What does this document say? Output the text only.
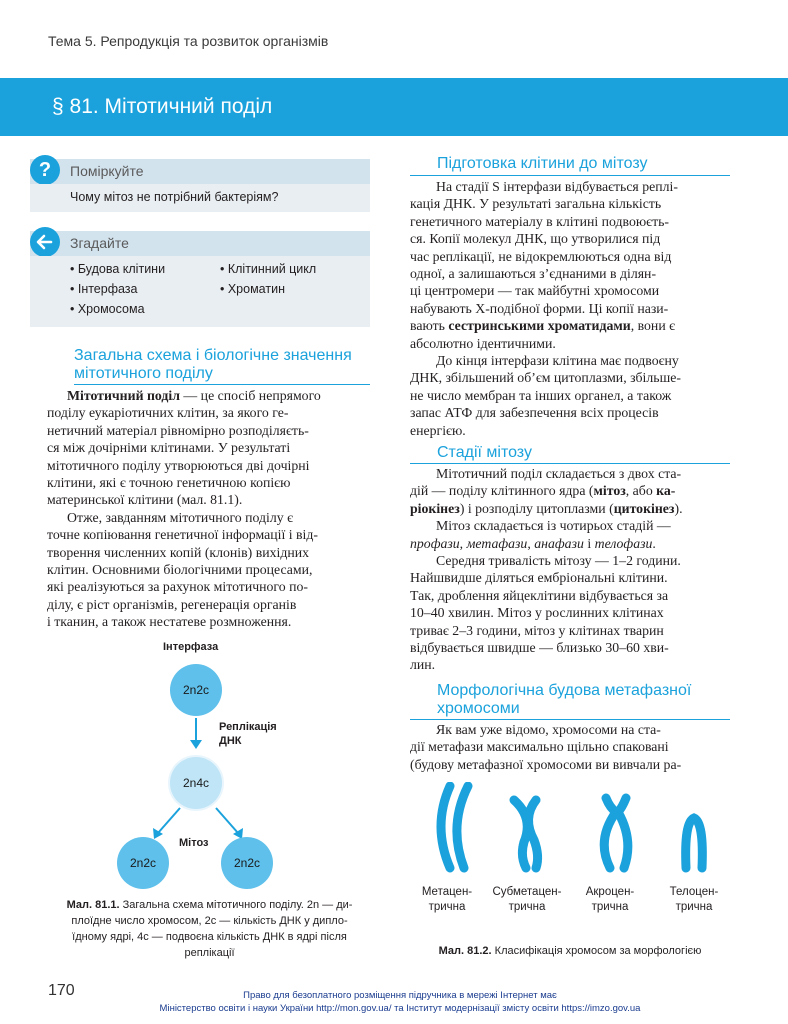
Тема 5. Репродукція та розвиток організмів
§ 81. Мітотичний поділ
?	Поміркуйте
Чому мітоз не потрібний бактеріям?
Згадайте
• Будова клітини	• Клітинний цикл
• Інтерфаза	• Хроматин
• Хромосома
Загальна схема і біологічне значення
мітотичного поділу
Мітотичний поділ — це спосіб непрямого
поділу еукаріотичних клітин, за якого ге-
нетичний матеріал рівномірно розподіляєть-
ся між дочірніми клітинами. У результаті
мітотичного поділу утворюються дві дочірні
клітини, які є точною генетичною копією
материнської клітини (мал. 81.1).
Отже, завданням мітотичного поділу є
точне копіювання генетичної інформації і від-
творення численних копій (клонів) вихідних
клітин. Основними біологічними процесами,
які реалізуються за рахунок мітотичного по-
ділу, є ріст організмів, регенерація органів
і тканин, а також нестатеве розмноження.
Інтерфаза
2n2c
Реплікація
ДНК
2n4c
Мітоз
2n2c	2n2c
Мал. 81.1. Загальна схема мітотичного поділу. 2n — ди-
плоїдне число хромосом, 2c — кількість ДНК у дипло-
їдному ядрі, 4c — подвоєна кількість ДНК в ядрі після
реплікації
Підготовка клітини до мітозу
На стадії S інтерфази відбувається реплі-
кація ДНК. У результаті загальна кількість
генетичного матеріалу в клітині подвоюєть-
ся. Копії молекул ДНК, що утворилися під
час реплікації, не відокремлюються одна від
одної, а залишаються з’єднаними в ділян-
ці центромери — так майбутні хромосоми
набувають X-подібної форми. Ці копії нази-
вають сестринськими хроматидами, вони є
абсолютно ідентичними.
До кінця інтерфази клітина має подвоєну
ДНК, збільшений об’єм цитоплазми, збільше-
не число мембран та інших органел, а також
запас АТФ для забезпечення всіх процесів
енергією.
Стадії мітозу
Мітотичний поділ складається з двох ста-
дій — поділу клітинного ядра (мітоз, або ка-
ріокінез) і розподілу цитоплазми (цитокінез).
Мітоз складається із чотирьох стадій —
профази, метафази, анафази і телофази.
Середня тривалість мітозу — 1–2 години.
Найшвидше діляться ембріональні клітини.
Так, дроблення яйцеклітини відбувається за
10–40 хвилин. Мітоз у рослинних клітинах
триває 2–3 години, мітоз у клітинах тварин
відбувається швидше — близько 30–60 хви-
лин.
Морфологічна будова метафазної
хромосоми
Як вам уже відомо, хромосоми на ста-
дії метафази максимально щільно спаковані
(будову метафазної хромосоми ви вивчали ра-
Метацен-
трична
Субметацен-
трична
Акроцен-
трична
Телоцен-
трична
Мал. 81.2. Класифікація хромосом за морфологією
170	Право для безоплатного розміщення підручника в мережі Інтернет має
Міністерство освіти і науки України http://mon.gov.ua/ та Інститут модернізації змісту освіти https://imzo.gov.ua
